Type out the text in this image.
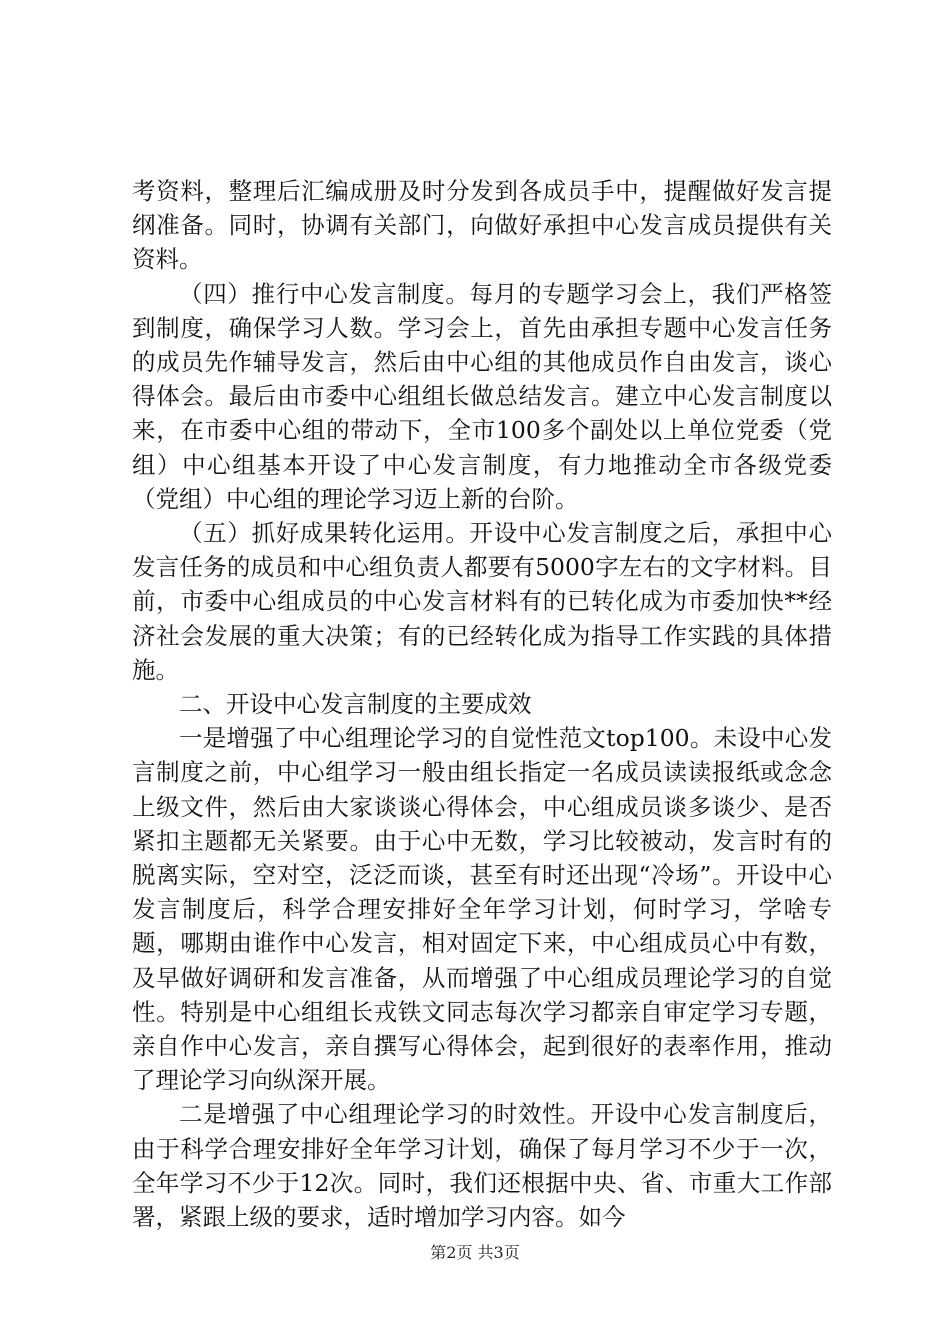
考资料，整理后汇编成册及时分发到各成员手中，提醒做好发言提纲准备。同时，协调有关部门，向做好承担中心发言成员提供有关资料。

（四）推行中心发言制度。每月的专题学习会上，我们严格签到制度，确保学习人数。学习会上，首先由承担专题中心发言任务的成员先作辅导发言，然后由中心组的其他成员作自由发言，谈心得体会。最后由市委中心组组长做总结发言。建立中心发言制度以来，在市委中心组的带动下，全市100多个副处以上单位党委（党组）中心组基本开设了中心发言制度，有力地推动全市各级党委（党组）中心组的理论学习迈上新的台阶。

（五）抓好成果转化运用。开设中心发言制度之后，承担中心发言任务的成员和中心组负责人都要有5000字左右的文字材料。目前，市委中心组成员的中心发言材料有的已转化成为市委加快**经济社会发展的重大决策；有的已经转化成为指导工作实践的具体措施。

二、开设中心发言制度的主要成效

一是增强了中心组理论学习的自觉性范文top100。未设中心发言制度之前，中心组学习一般由组长指定一名成员读读报纸或念念上级文件，然后由大家谈谈心得体会，中心组成员谈多谈少、是否紧扣主题都无关紧要。由于心中无数，学习比较被动，发言时有的脱离实际，空对空，泛泛而谈，甚至有时还出现“冷场”。开设中心发言制度后，科学合理安排好全年学习计划，何时学习，学啥专题，哪期由谁作中心发言，相对固定下来，中心组成员心中有数，及早做好调研和发言准备，从而增强了中心组成员理论学习的自觉性。特别是中心组组长戎铁文同志每次学习都亲自审定学习专题，亲自作中心发言，亲自撰写心得体会，起到很好的表率作用，推动了理论学习向纵深开展。

二是增强了中心组理论学习的时效性。开设中心发言制度后，由于科学合理安排好全年学习计划，确保了每月学习不少于一次，全年学习不少于12次。同时，我们还根据中央、省、市重大工作部署，紧跟上级的要求，适时增加学习内容。如今

第2页 共3页
